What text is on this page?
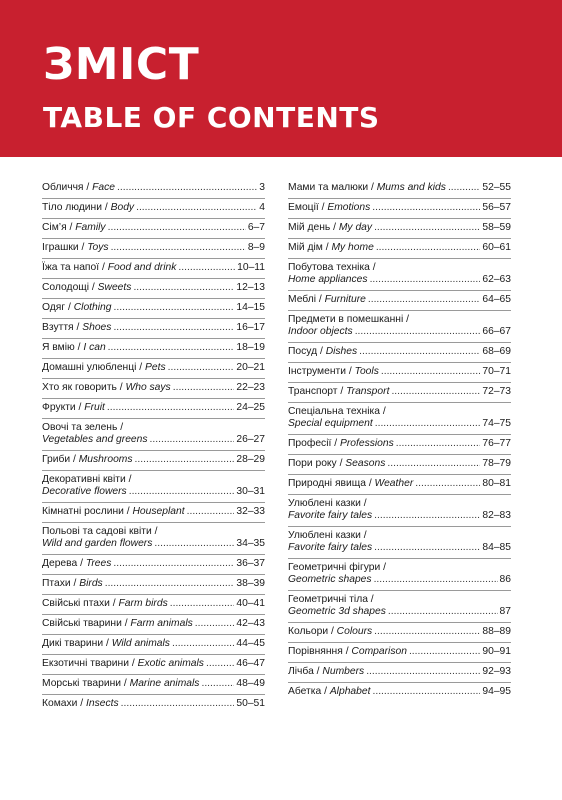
ЗМІСТ
TABLE OF CONTENTS
Обличчя / Face .....	3
Тіло людини / Body .....	4
Сім’я / Family .....	6–7
Іграшки / Toys .....	8–9
Їжа та напої / Food and drink .....	10–11
Солодощі / Sweets .....	12–13
Одяг / Clothing .....	14–15
Взуття / Shoes .....	16–17
Я вмію / I can .....	18–19
Домашні улюбленці / Pets .....	20–21
Хто як говорить / Who says .....	22–23
Фрукти / Fruit .....	24–25
Овочі та зелень /
Vegetables and greens .....	26–27
Гриби / Mushrooms .....	28–29
Декоративні квіти /
Decorative flowers .....	30–31
Кімнатні рослини / Houseplant .....	32–33
Польові та садові квіти /
Wild and garden flowers .....	34–35
Дерева / Trees .....	36–37
Птахи / Birds .....	38–39
Свійські птахи / Farm birds .....	40–41
Свійські тварини / Farm animals .....	42–43
Дикі тварини / Wild animals .....	44–45
Екзотичні тварини / Exotic animals .....	46–47
Морські тварини / Marine animals .....	48–49
Комахи / Insects .....	50–51
Мами та малюки / Mums and kids .....	52–55
Емоції / Emotions .....	56–57
Мій день / My day .....	58–59
Мій дім / My home .....	60–61
Побутова техніка /
Home appliances .....	62–63
Меблі / Furniture .....	64–65
Предмети в помешканні /
Indoor objects .....	66–67
Посуд / Dishes .....	68–69
Інструменти / Tools .....	70–71
Транспорт / Transport .....	72–73
Спеціальна техніка /
Special equipment .....	74–75
Професії / Professions .....	76–77
Пори року / Seasons .....	78–79
Природні явища / Weather .....	80–81
Улюблені казки /
Favorite fairy tales .....	82–83
Улюблені казки /
Favorite fairy tales .....	84–85
Геометричні фігури /
Geometric shapes .....	86
Геометричні тіла /
Geometric 3d shapes .....	87
Кольори / Colours .....	88–89
Порівняння / Comparison .....	90–91
Лічба / Numbers .....	92–93
Абетка / Alphabet .....	94–95
